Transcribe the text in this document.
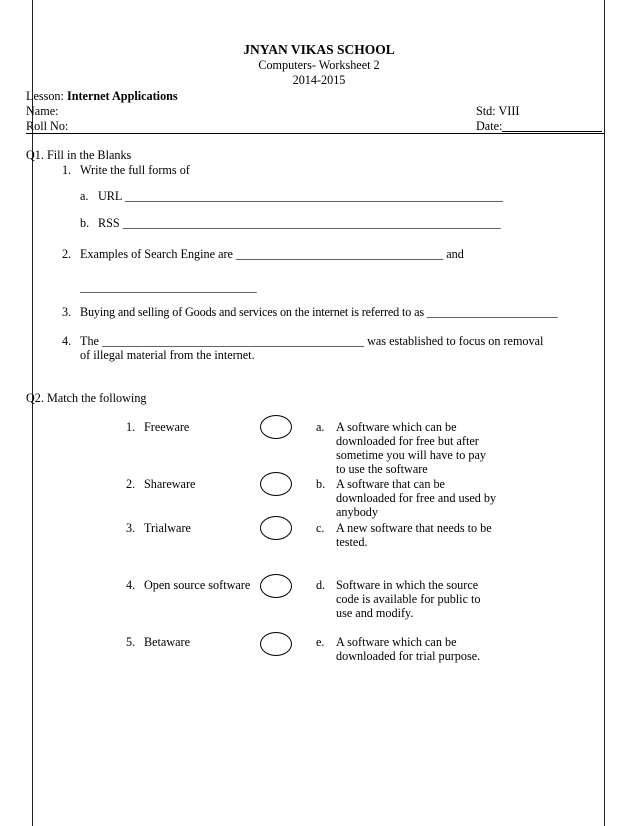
JNYAN VIKAS SCHOOL
Computers- Worksheet 2
2014-2015
Lesson: Internet Applications
Name:	Std: VIII
Roll No:	Date:
Q1. Fill in the Blanks
1. Write the full forms of
a. URL ______________________________________________________________
b. RSS ______________________________________________________________
2. Examples of Search Engine are __________________________________ and
_____________________________
3. Buying and selling of Goods and services on the internet is referred to as ______________________
4. The ___________________________________________ was established to focus on removal
of illegal material from the internet.
Q2. Match the following
1. Freeware	a. A software which can be
downloaded for free but after
sometime you will have to pay
to use the software
2. Shareware	b. A software that can be
downloaded for free and used by
anybody
3. Trialware	c. A new software that needs to be
tested.
4. Open source software	d. Software in which the source
code is available for public to
use and modify.
5. Betaware	e. A software which can be
downloaded for trial purpose.
